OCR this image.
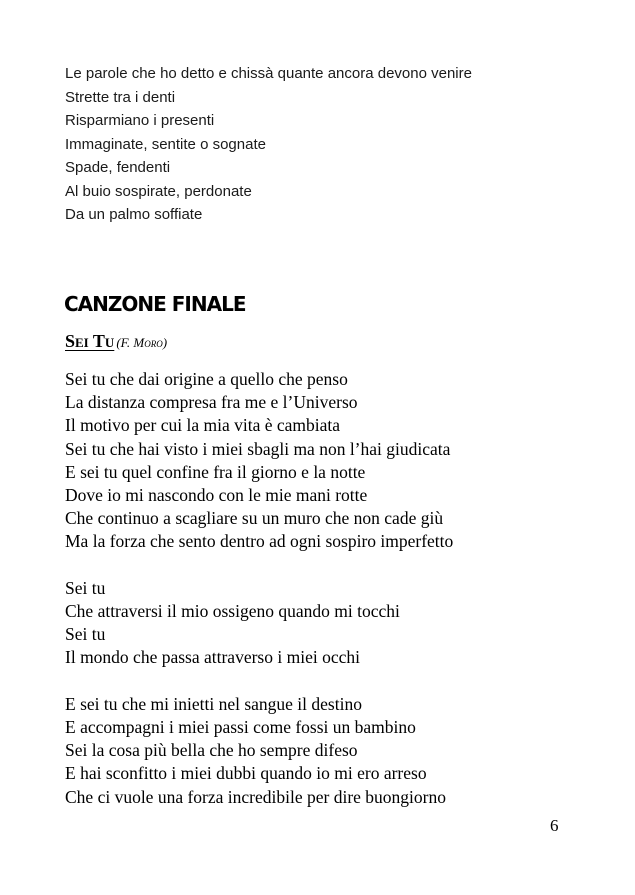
Le parole che ho detto e chissà quante ancora devono venire
Strette tra i denti
Risparmiano i presenti
Immaginate, sentite o sognate
Spade, fendenti
Al buio sospirate, perdonate
Da un palmo soffiate
CANZONE FINALE
Sei Tu (F. Moro)
Sei tu che dai origine a quello che penso
La distanza compresa fra me e l’Universo
Il motivo per cui la mia vita è cambiata
Sei tu che hai visto i miei sbagli ma non l’hai giudicata
E sei tu quel confine fra il giorno e la notte
Dove io mi nascondo con le mie mani rotte
Che continuo a scagliare su un muro che non cade giù
Ma la forza che sento dentro ad ogni sospiro imperfetto
Sei tu
Che attraversi il mio ossigeno quando mi tocchi
Sei tu
Il mondo che passa attraverso i miei occhi
E sei tu che mi inietti nel sangue il destino
E accompagni i miei passi come fossi un bambino
Sei la cosa più bella che ho sempre difeso
E hai sconfitto i miei dubbi quando io mi ero arreso
Che ci vuole una forza incredibile per dire buongiorno
6
